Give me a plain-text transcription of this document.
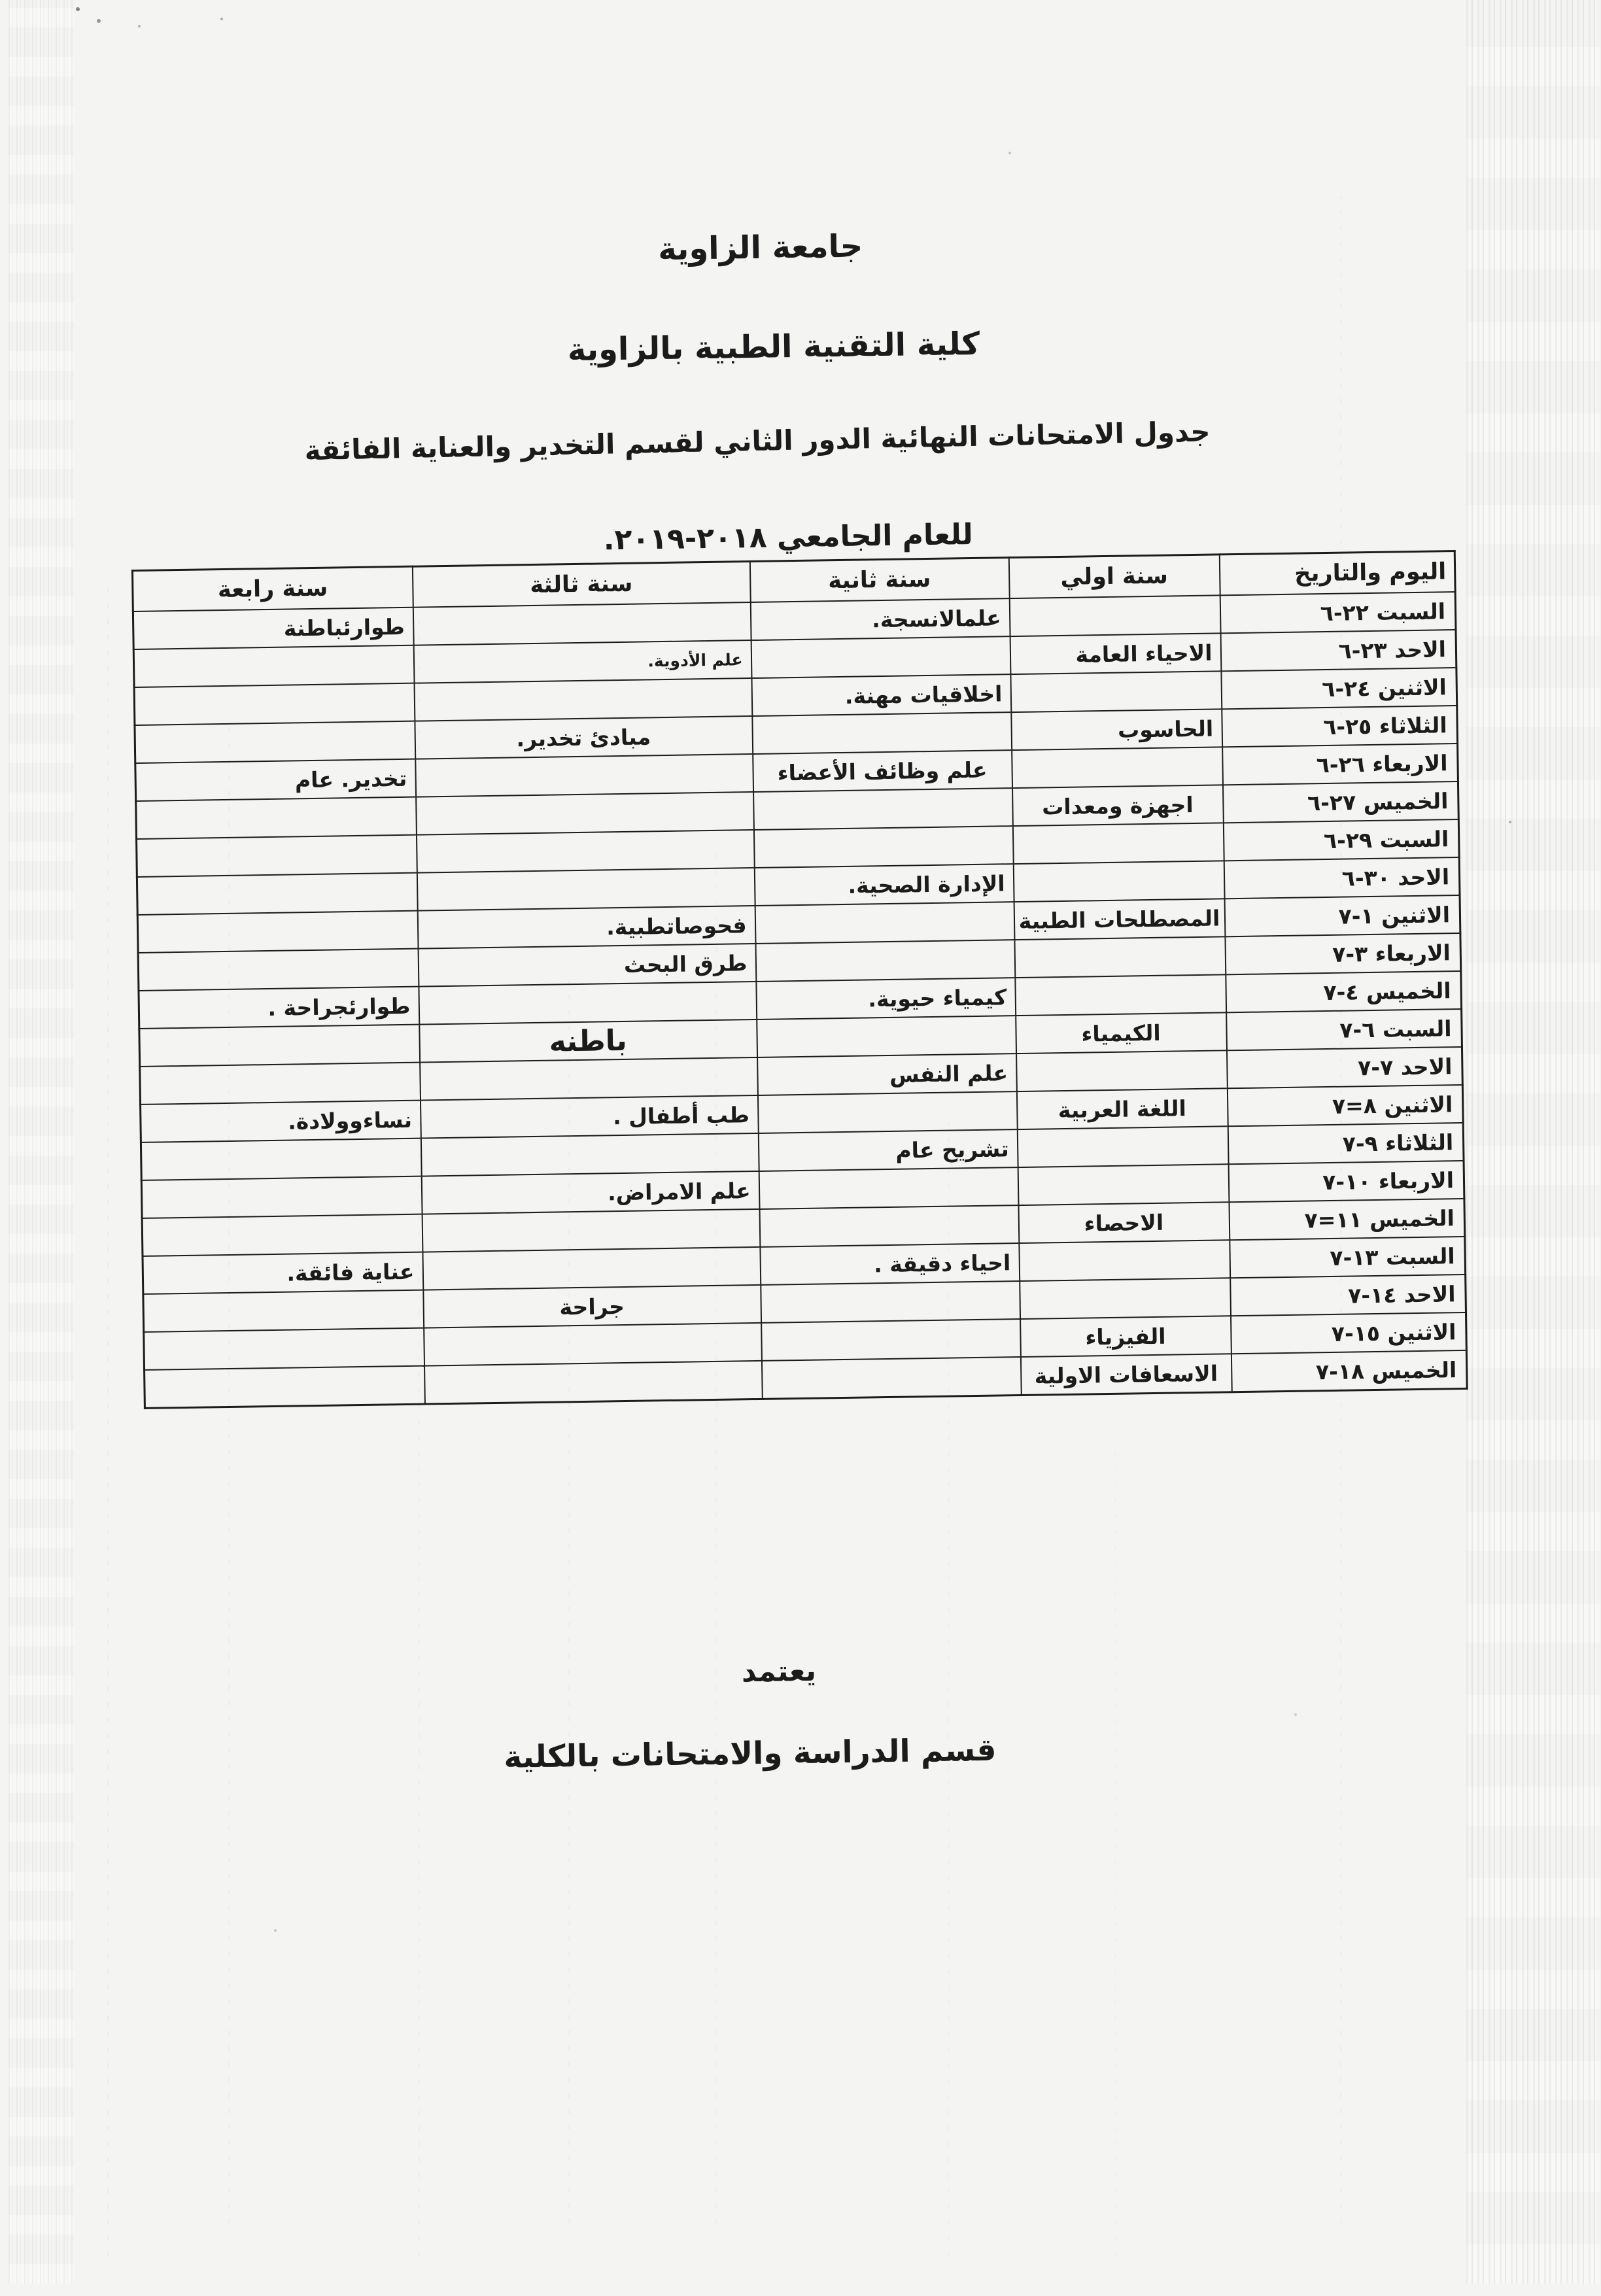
جامعة الزاوية
كلية التقنية الطبية بالزاوية
جدول الامتحانات النهائية الدور الثاني لقسم التخدير والعناية الفائقة
للعام الجامعي ٢٠١٨-٢٠١٩.
اليوم والتاريخ	سنة اولي	سنة ثانية	سنة ثالثة	سنة رابعة
السبت ٢٢-٦		علمالانسجة.		طوارئباطنة
الاحد ٢٣-٦	الاحياء العامة		علم الأدوية.	
الاثنين ٢٤-٦		اخلاقيات مهنة.		
الثلاثاء ٢٥-٦	الحاسوب		مبادئ تخدير.	
الاربعاء ٢٦-٦		علم وظائف الأعضاء		تخدير. عام
الخميس ٢٧-٦	اجهزة ومعدات			
السبت ٢٩-٦				
الاحد ٣٠-٦		الإدارة الصحية.		
الاثنين ١-٧	المصطلحات الطبية		فحوصاتطبية.	
الاربعاء ٣-٧			طرق البحث	
الخميس ٤-٧		كيمياء حيوية.		طوارئجراحة .
السبت ٦-٧	الكيمياء		باطنه	
الاحد ٧-٧		علم النفس		
الاثنين ٨=٧	اللغة العربية		طب أطفال .	نساءوولادة.
الثلاثاء ٩-٧		تشريح عام		
الاربعاء ١٠-٧			علم الامراض.	
الخميس ١١=٧	الاحصاء			
السبت ١٣-٧		احياء دقيقة .		عناية فائقة.
الاحد ١٤-٧			جراحة	
الاثنين ١٥-٧	الفيزياء			
الخميس ١٨-٧	الاسعافات الاولية			
يعتمد
قسم الدراسة والامتحانات بالكلية
